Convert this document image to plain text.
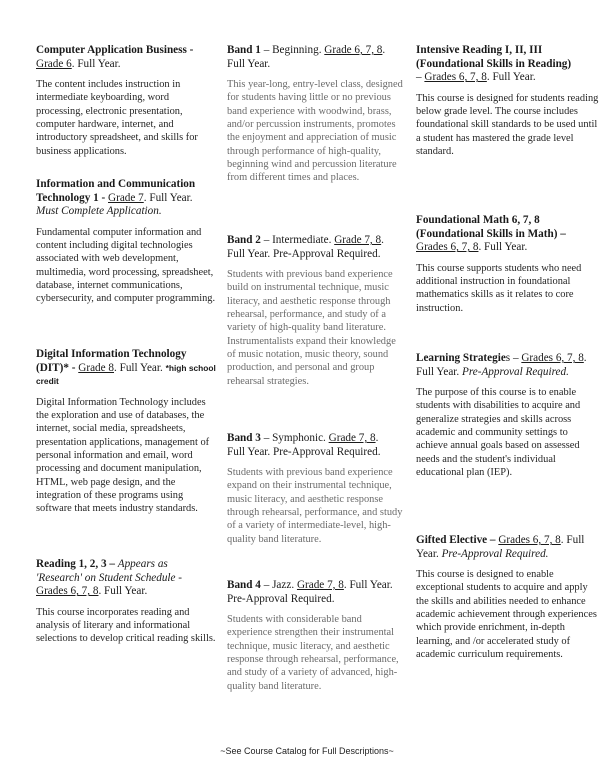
Computer Application Business -
Grade 6. Full Year.
The content includes instruction in intermediate keyboarding, word processing, electronic presentation, computer hardware, internet, and introductory spreadsheet, and skills for business applications.
Information and Communication Technology 1 - Grade 7. Full Year.
Must Complete Application.
Fundamental computer information and content including digital technologies associated with web development, multimedia, word processing, spreadsheet, database, internet communications, cybersecurity, and computer programming.
Digital Information Technology (DIT)* - Grade 8. Full Year. *high school credit
Digital Information Technology includes the exploration and use of databases, the internet, social media, spreadsheets, presentation applications, management of personal information and email, word processing and document manipulation, HTML, web page design, and the integration of these programs using software that meets industry standards.
Reading 1, 2, 3 – Appears as 'Research' on Student Schedule -
Grades 6, 7, 8. Full Year.
This course incorporates reading and analysis of literary and informational selections to develop critical reading skills.
Band 1 – Beginning. Grade 6, 7, 8.
Full Year.
This year-long, entry-level class, designed for students having little or no previous band experience with woodwind, brass, and/or percussion instruments, promotes the enjoyment and appreciation of music through performance of high-quality, beginning wind and percussion literature from different times and places.
Band 2 – Intermediate. Grade 7, 8.
Full Year. Pre-Approval Required.
Students with previous band experience build on instrumental technique, music literacy, and aesthetic response through rehearsal, performance, and study of a variety of high-quality band literature. Instrumentalists expand their knowledge of music notation, music theory, sound production, and personal and group rehearsal strategies.
Band 3 – Symphonic. Grade 7, 8.
Full Year. Pre-Approval Required.
Students with previous band experience expand on their instrumental technique, music literacy, and aesthetic response through rehearsal, performance, and study of a variety of intermediate-level, high-quality band literature.
Band 4 – Jazz. Grade 7, 8. Full Year.
Pre-Approval Required.
Students with considerable band experience strengthen their instrumental technique, music literacy, and aesthetic response through rehearsal, performance, and study of a variety of advanced, high-quality band literature.
Intensive Reading I, II, III (Foundational Skills in Reading)
– Grades 6, 7, 8. Full Year.
This course is designed for students reading below grade level. The course includes foundational skill standards to be used until a student has mastered the grade level standard.
Foundational Math 6, 7, 8 (Foundational Skills in Math) –
Grades 6, 7, 8. Full Year.
This course supports students who need additional instruction in foundational mathematics skills as it relates to core instruction.
Learning Strategies – Grades 6, 7, 8. Full Year. Pre-Approval Required.
The purpose of this course is to enable students with disabilities to acquire and generalize strategies and skills across academic and community settings to achieve annual goals based on assessed needs and the student's individual educational plan (IEP).
Gifted Elective – Grades 6, 7, 8. Full Year. Pre-Approval Required.
This course is designed to enable exceptional students to acquire and apply the skills and abilities needed to enhance academic achievement through experiences which provide enrichment, in-depth learning, and /or accelerated study of academic curriculum requirements.
~See Course Catalog for Full Descriptions~
